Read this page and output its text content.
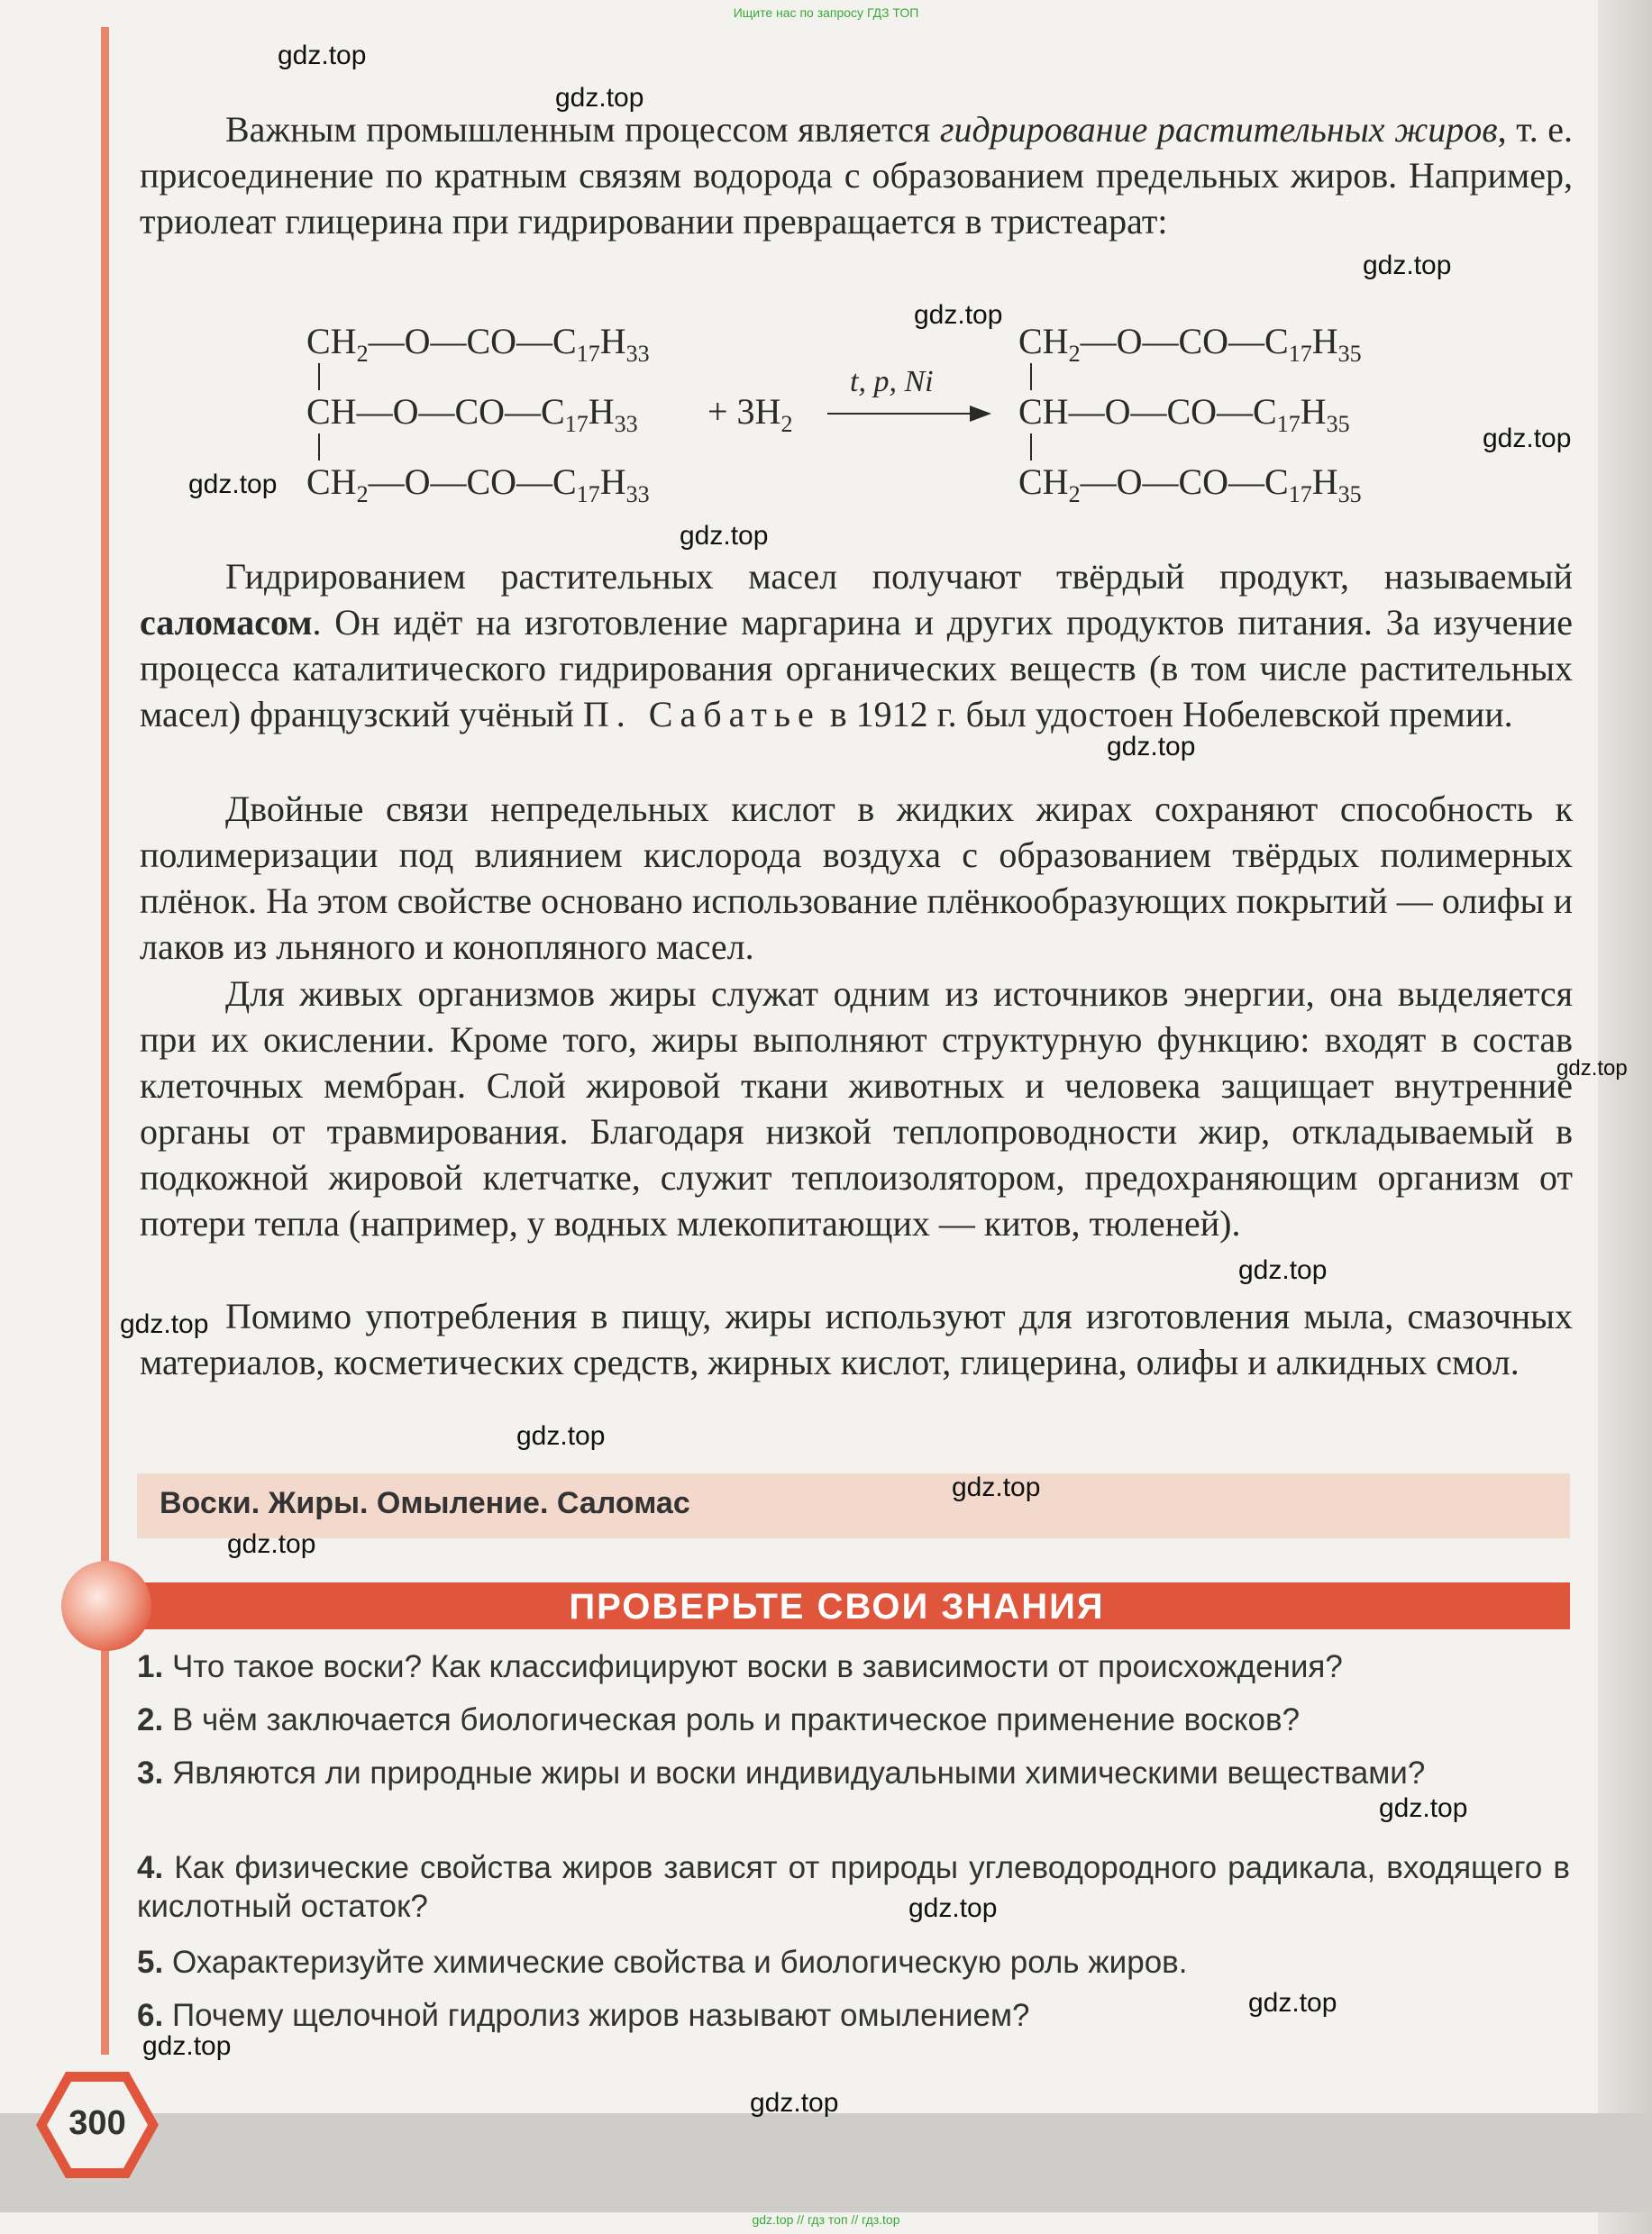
Ищите нас по запросу ГДЗ ТОП
gdz.top // гдз топ // гдз.top

Важным промышленным процессом является гидрирование растительных жиров, т. е. присоединение по кратным связям водорода с образованием предельных жиров. Например, триолеат глицерина при гидрировании превращается в тристеарат:

$CH_2—O—CO—C_{17}H_{33}$
$CH—O—CO—C_{17}H_{33}$
$CH_2—O—CO—C_{17}H_{33}$
+ $3H_2$
t, p, Ni
$CH_2—O—CO—C_{17}H_{35}$
$CH—O—CO—C_{17}H_{35}$
$CH_2—O—CO—C_{17}H_{35}$

Гидрированием растительных масел получают твёрдый продукт, называемый саломасом. Он идёт на изготовление маргарина и других продуктов питания. За изучение процесса каталитического гидрирования органических веществ (в том числе растительных масел) французский учёный П. Сабатье в 1912 г. был удостоен Нобелевской премии.

Двойные связи непредельных кислот в жидких жирах сохраняют способность к полимеризации под влиянием кислорода воздуха с образованием твёрдых полимерных плёнок. На этом свойстве основано использование плёнкообразующих покрытий — олифы и лаков из льняного и конопляного масел.

Для живых организмов жиры служат одним из источников энергии, она выделяется при их окислении. Кроме того, жиры выполняют структурную функцию: входят в состав клеточных мембран. Слой жировой ткани животных и человека защищает внутренние органы от травмирования. Благодаря низкой теплопроводности жир, откладываемый в подкожной жировой клетчатке, служит теплоизолятором, предохраняющим организм от потери тепла (например, у водных млекопитающих — китов, тюленей).

Помимо употребления в пищу, жиры используют для изготовления мыла, смазочных материалов, косметических средств, жирных кислот, глицерина, олифы и алкидных смол.

Воски. Жиры. Омыление. Саломас
ПРОВЕРЬТЕ СВОИ ЗНАНИЯ

1. Что такое воски? Как классифицируют воски в зависимости от происхождения?

2. В чём заключается биологическая роль и практическое применение восков?

3. Являются ли природные жиры и воски индивидуальными химическими веществами?

4. Как физические свойства жиров зависят от природы углеводородного радикала, входящего в кислотный остаток?

5. Охарактеризуйте химические свойства и биологическую роль жиров.

6. Почему щелочной гидролиз жиров называют омылением?

300
gdz.top
gdz.top
gdz.top
gdz.top
gdz.top
gdz.top
gdz.top
gdz.top
gdz.top
gdz.top
gdz.top
gdz.top
gdz.top
gdz.top
gdz.top
gdz.top
gdz.top
gdz.top
gdz.top
